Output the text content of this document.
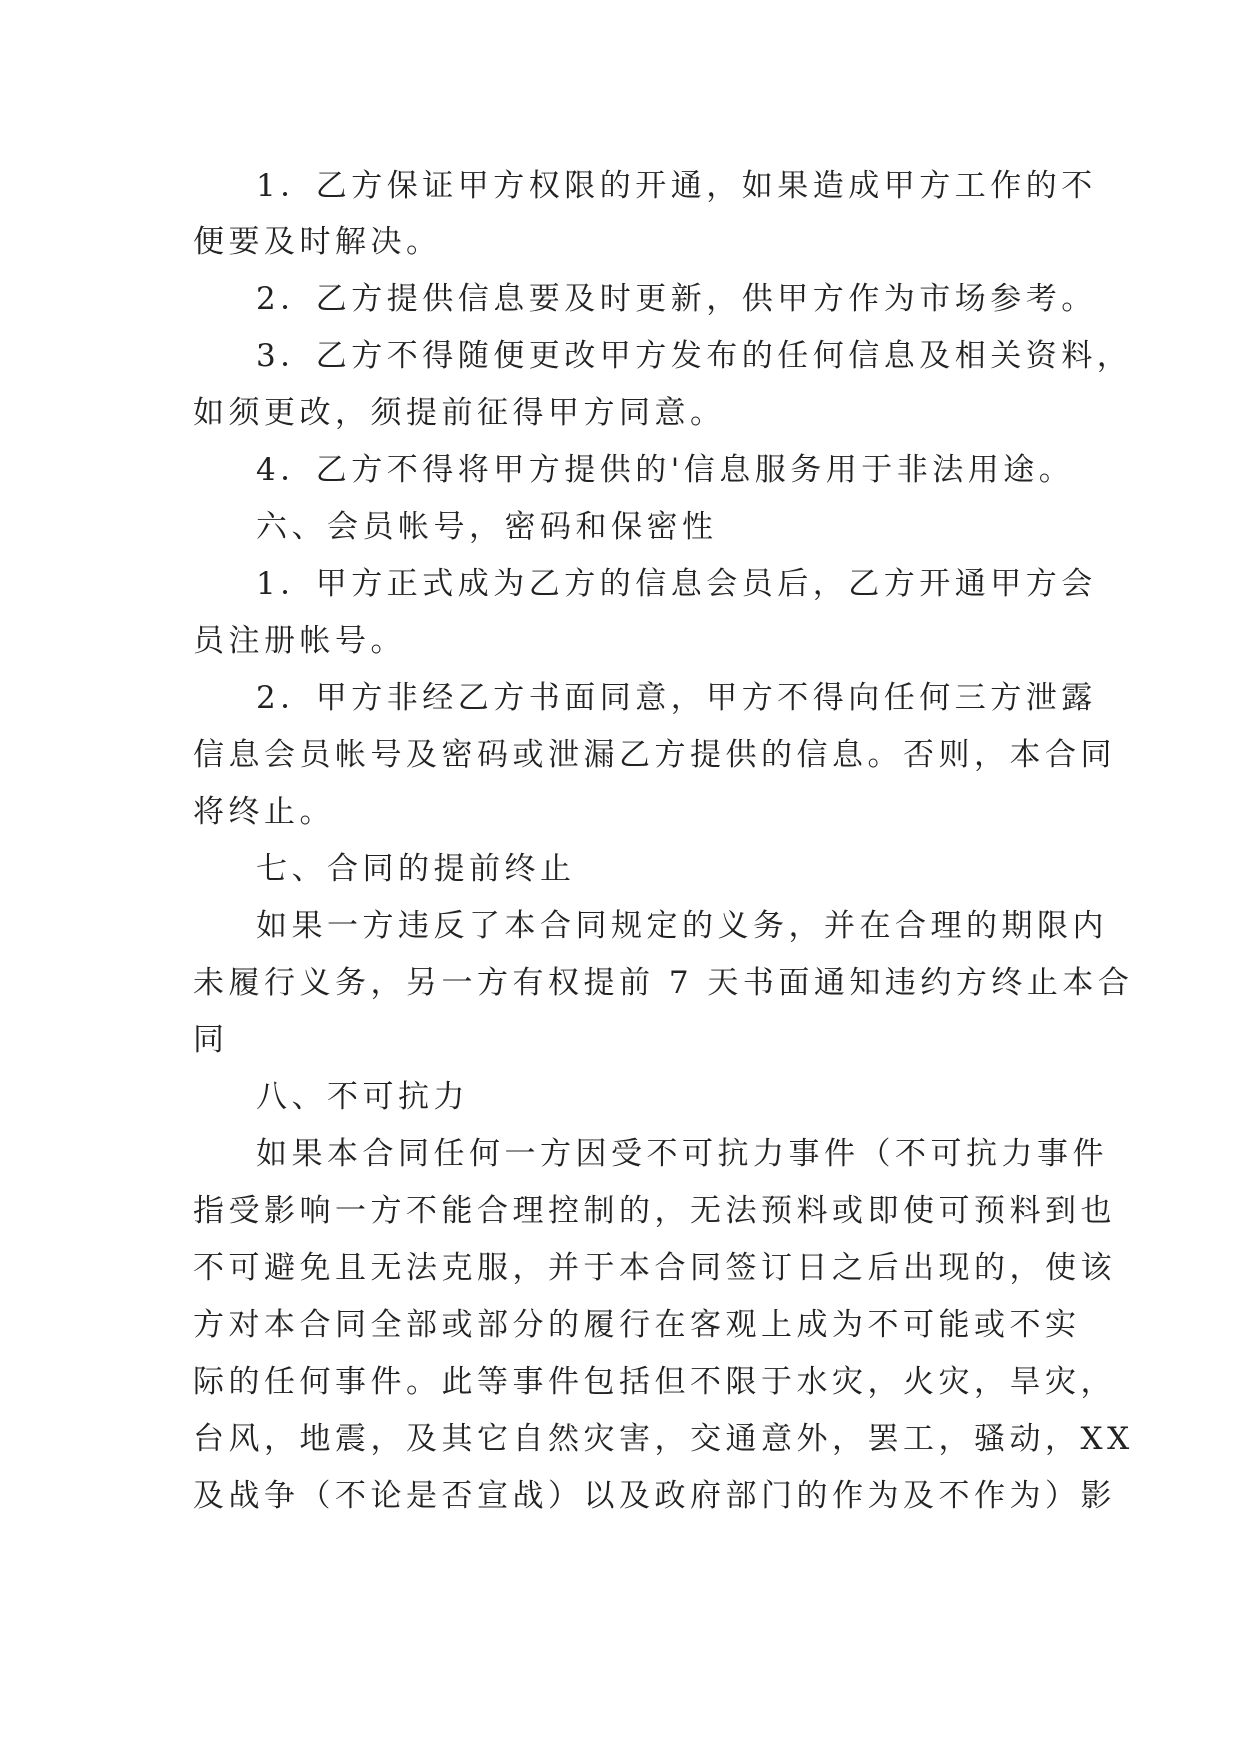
1．乙方保证甲方权限的开通，如果造成甲方工作的不
便要及时解决。
2．乙方提供信息要及时更新，供甲方作为市场参考。
3．乙方不得随便更改甲方发布的任何信息及相关资料，
如须更改，须提前征得甲方同意。
4．乙方不得将甲方提供的'信息服务用于非法用途。
六、会员帐号，密码和保密性
1．甲方正式成为乙方的信息会员后，乙方开通甲方会
员注册帐号。
2．甲方非经乙方书面同意，甲方不得向任何三方泄露
信息会员帐号及密码或泄漏乙方提供的信息。否则，本合同
将终止。
七、合同的提前终止
如果一方违反了本合同规定的义务，并在合理的期限内
未履行义务，另一方有权提前 7 天书面通知违约方终止本合
同
八、不可抗力
如果本合同任何一方因受不可抗力事件（不可抗力事件
指受影响一方不能合理控制的，无法预料或即使可预料到也
不可避免且无法克服，并于本合同签订日之后出现的，使该
方对本合同全部或部分的履行在客观上成为不可能或不实
际的任何事件。此等事件包括但不限于水灾，火灾，旱灾，
台风，地震，及其它自然灾害，交通意外，罢工，骚动，XX
及战争（不论是否宣战）以及政府部门的作为及不作为）影
